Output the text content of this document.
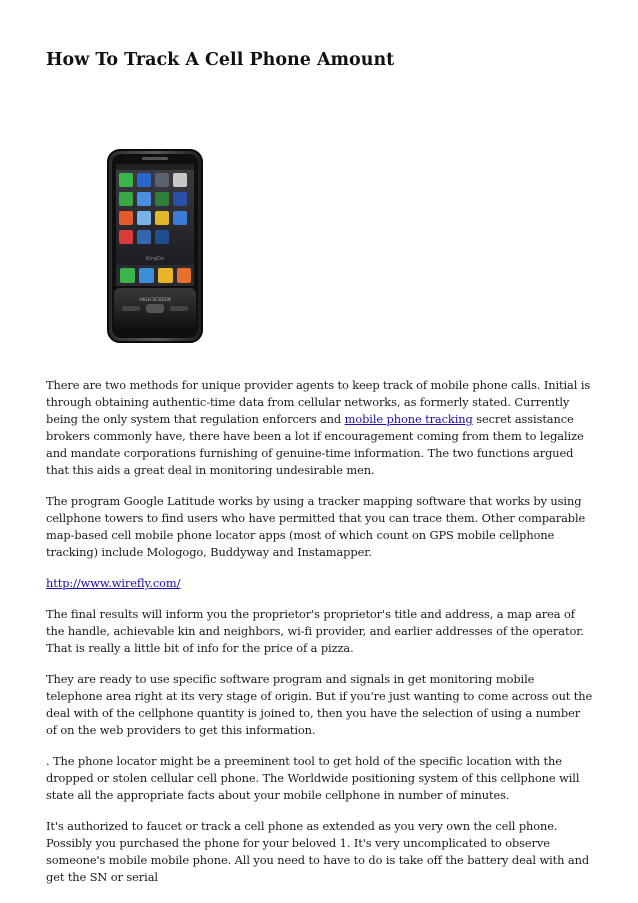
How To Track A Cell Phone Amount
KingDo
HIGH SCREEN

There are two methods for unique provider agents to keep track of mobile phone calls. Initial is through obtaining authentic-time data from cellular networks, as formerly stated. Currently being the only system that regulation enforcers and mobile phone tracking secret assistance brokers commonly have, there have been a lot if encouragement coming from them to legalize and mandate corporations furnishing of genuine-time information. The two functions argued that this aids a great deal in monitoring undesirable men.

The program Google Latitude works by using a tracker mapping software that works by using cellphone towers to find users who have permitted that you can trace them. Other comparable map-based cell mobile phone locator apps (most of which count on GPS mobile cellphone tracking) include Mologogo, Buddyway and Instamapper.

http://www.wirefly.com/

The final results will inform you the proprietor's proprietor's title and address, a map area of the handle, achievable kin and neighbors, wi-fi provider, and earlier addresses of the operator. That is really a little bit of info for the price of a pizza.

They are ready to use specific software program and signals in get monitoring mobile telephone area right at its very stage of origin. But if you're just wanting to come across out the deal with of the cellphone quantity is joined to, then you have the selection of using a number of on the web providers to get this information.

. The phone locator might be a preeminent tool to get hold of the specific location with the dropped or stolen cellular cell phone. The Worldwide positioning system of this cellphone will state all the appropriate facts about your mobile cellphone in number of minutes.

It's authorized to faucet or track a cell phone as extended as you very own the cell phone. Possibly you purchased the phone for your beloved 1. It's very uncomplicated to observe someone's mobile mobile phone. All you need to have to do is take off the battery deal with and get the SN or serial
